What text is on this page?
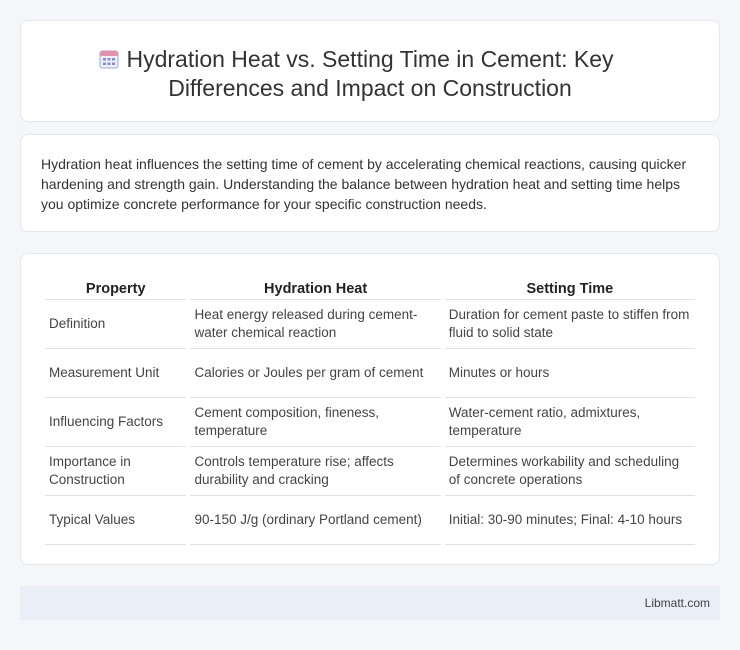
Hydration Heat vs. Setting Time in Cement: Key
Differences and Impact on Construction

Hydration heat influences the setting time of cement by accelerating chemical reactions, causing quicker hardening and strength gain. Understanding the balance between hydration heat and setting time helps you optimize concrete performance for your specific construction needs.

Property	Hydration Heat	Setting Time
Definition	Heat energy released during cement-water chemical reaction	Duration for cement paste to stiffen from fluid to solid state
Measurement Unit	Calories or Joules per gram of cement	Minutes or hours
Influencing Factors	Cement composition, fineness, temperature	Water-cement ratio, admixtures, temperature
Importance in Construction	Controls temperature rise; affects durability and cracking	Determines workability and scheduling of concrete operations
Typical Values	90-150 J/g (ordinary Portland cement)	Initial: 30-90 minutes; Final: 4-10 hours
Libmatt.com
